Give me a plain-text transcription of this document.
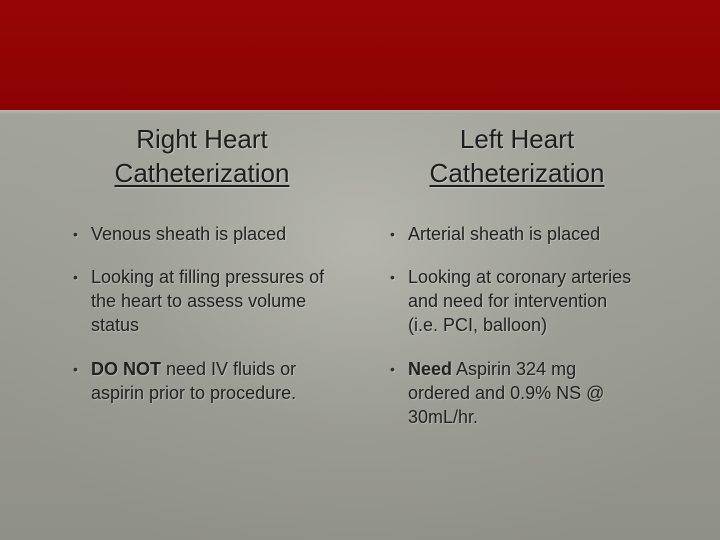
Right Heart
Catheterization
Left Heart
Catheterization
• Venous sheath is placed
• Looking at filling pressures of the heart to assess volume status
• DO NOT need IV fluids or aspirin prior to procedure.
• Arterial sheath is placed
• Looking at coronary arteries and need for intervention (i.e. PCI, balloon)
• Need Aspirin 324 mg ordered and 0.9% NS @ 30mL/hr.
